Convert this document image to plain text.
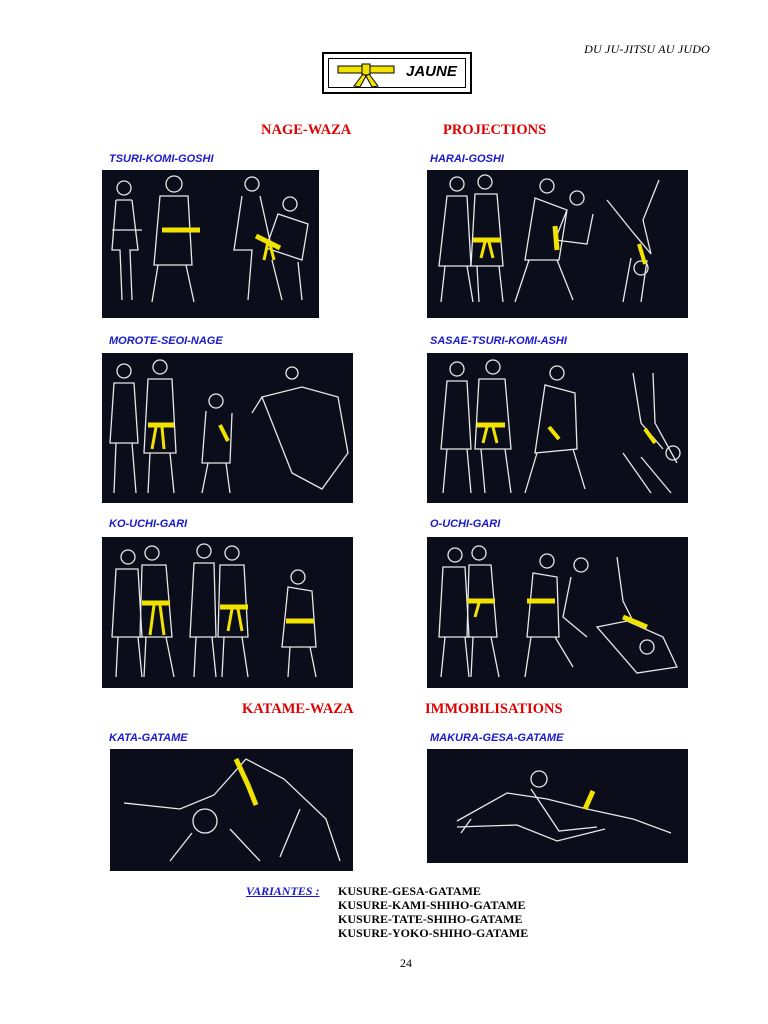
DU JU-JITSU AU JUDO
JAUNE
NAGE-WAZA	PROJECTIONS
TSURI-KOMI-GOSHI	HARAI-GOSHI
MOROTE-SEOI-NAGE	SASAE-TSURI-KOMI-ASHI
KO-UCHI-GARI	O-UCHI-GARI
KATAME-WAZA	IMMOBILISATIONS
KATA-GATAME	MAKURA-GESA-GATAME
VARIANTES : KUSURE-GESA-GATAME
KUSURE-KAMI-SHIHO-GATAME
KUSURE-TATE-SHIHO-GATAME
KUSURE-YOKO-SHIHO-GATAME
24
